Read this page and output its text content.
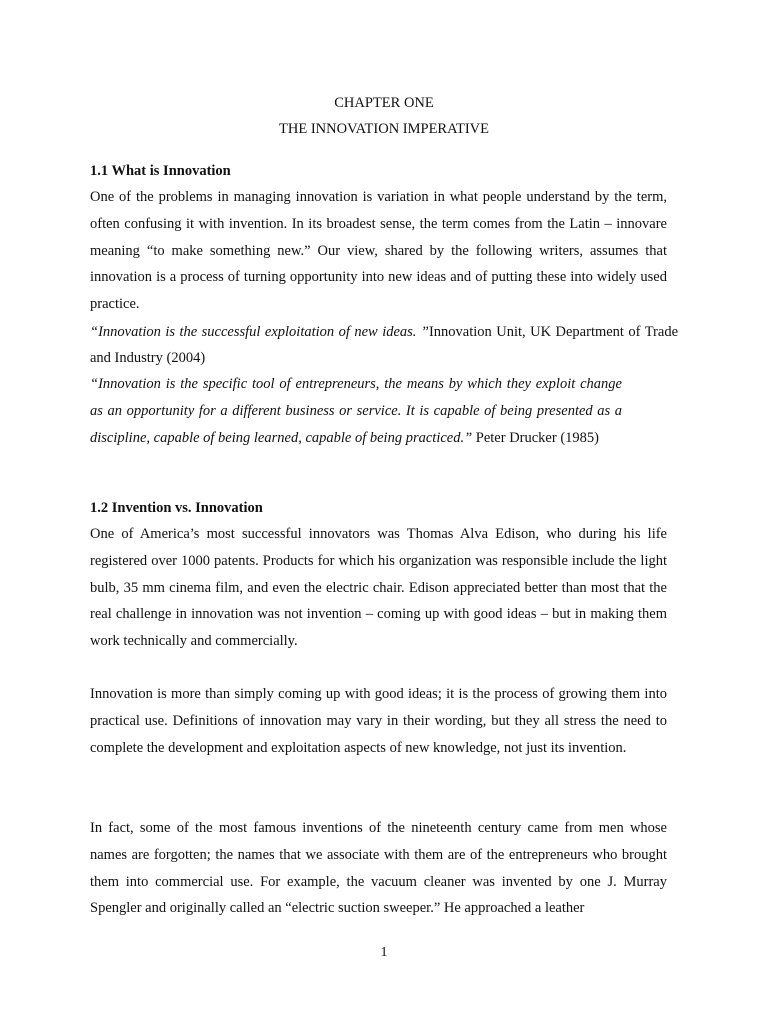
CHAPTER ONE

THE INNOVATION IMPERATIVE

1.1 What is Innovation

One of the problems in managing innovation is variation in what people understand by the term, often confusing it with invention. In its broadest sense, the term comes from the Latin – innovare meaning “to make something new.” Our view, shared by the following writers, assumes that innovation is a process of turning opportunity into new ideas and of putting these into widely used practice.

“Innovation is the successful exploitation of new ideas. ”Innovation Unit, UK Department of Trade and Industry (2004)

“Innovation is the specific tool of entrepreneurs, the means by which they exploit change as an opportunity for a different business or service. It is capable of being presented as a discipline, capable of being learned, capable of being practiced.” Peter Drucker (1985)

1.2 Invention vs. Innovation

One of America’s most successful innovators was Thomas Alva Edison, who during his life registered over 1000 patents. Products for which his organization was responsible include the light bulb, 35 mm cinema film, and even the electric chair. Edison appreciated better than most that the real challenge in innovation was not invention – coming up with good ideas – but in making them work technically and commercially.

Innovation is more than simply coming up with good ideas; it is the process of growing them into practical use. Definitions of innovation may vary in their wording, but they all stress the need to complete the development and exploitation aspects of new knowledge, not just its invention.

In fact, some of the most famous inventions of the nineteenth century came from men whose names are forgotten; the names that we associate with them are of the entrepreneurs who brought them into commercial use. For example, the vacuum cleaner was invented by one J. Murray Spengler and originally called an “electric suction sweeper.” He approached a leather

1
